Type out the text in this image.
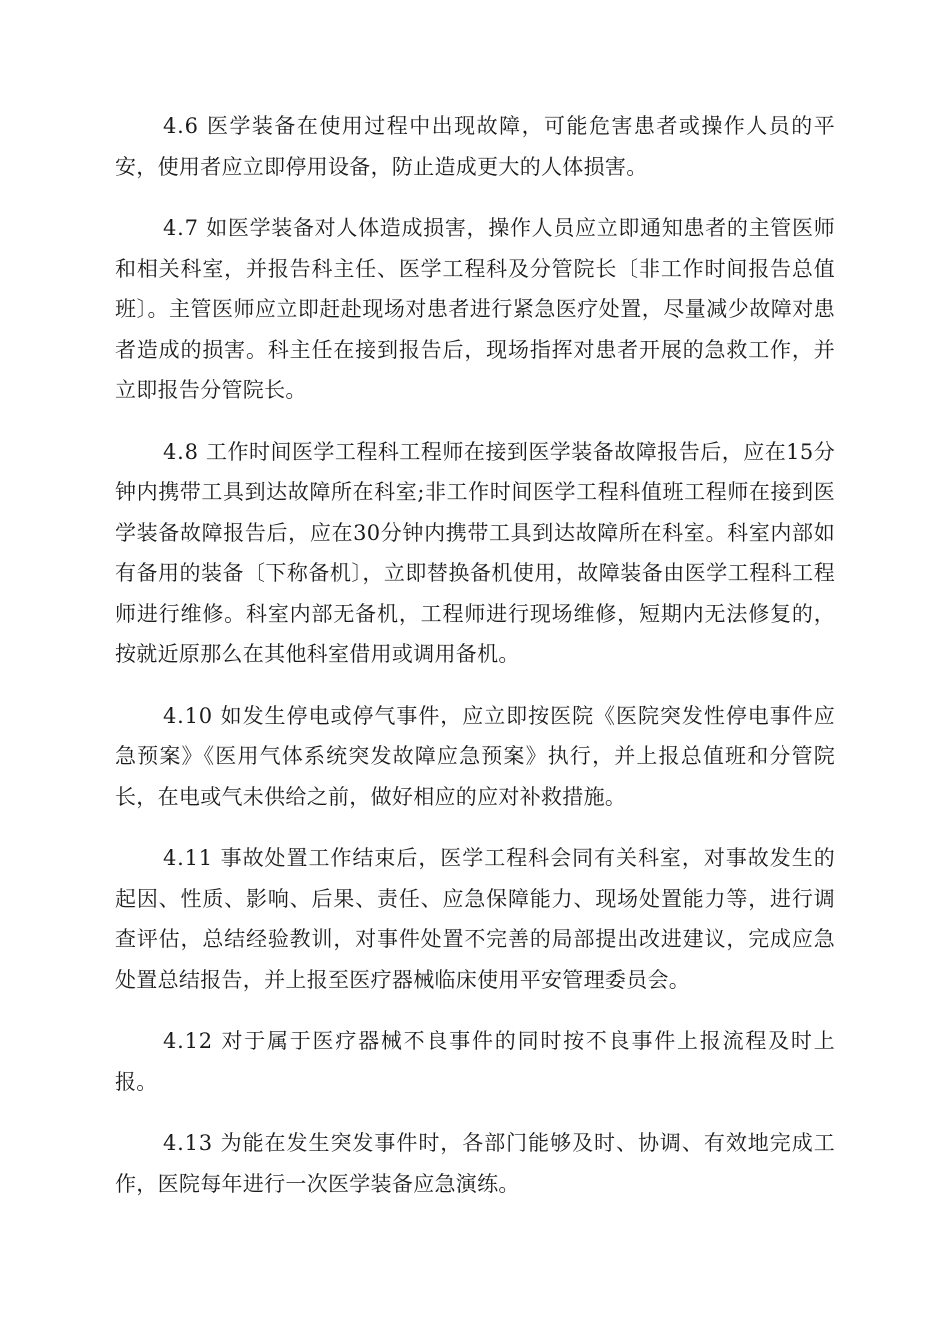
4.6 医学装备在使用过程中出现故障，可能危害患者或操作人员的平安，使用者应立即停用设备，防止造成更大的人体损害。

4.7 如医学装备对人体造成损害，操作人员应立即通知患者的主管医师和相关科室，并报告科主任、医学工程科及分管院长〔非工作时间报告总值班〕。主管医师应立即赶赴现场对患者进行紧急医疗处置，尽量减少故障对患者造成的损害。科主任在接到报告后，现场指挥对患者开展的急救工作，并立即报告分管院长。

4.8 工作时间医学工程科工程师在接到医学装备故障报告后，应在15分钟内携带工具到达故障所在科室;非工作时间医学工程科值班工程师在接到医学装备故障报告后，应在30分钟内携带工具到达故障所在科室。科室内部如有备用的装备〔下称备机〕，立即替换备机使用，故障装备由医学工程科工程师进行维修。科室内部无备机，工程师进行现场维修，短期内无法修复的，按就近原那么在其他科室借用或调用备机。

4.10 如发生停电或停气事件，应立即按医院《医院突发性停电事件应急预案》《医用气体系统突发故障应急预案》执行，并上报总值班和分管院长，在电或气未供给之前，做好相应的应对补救措施。

4.11 事故处置工作结束后，医学工程科会同有关科室，对事故发生的起因、性质、影响、后果、责任、应急保障能力、现场处置能力等，进行调查评估，总结经验教训，对事件处置不完善的局部提出改进建议，完成应急处置总结报告，并上报至医疗器械临床使用平安管理委员会。

4.12 对于属于医疗器械不良事件的同时按不良事件上报流程及时上报。

4.13 为能在发生突发事件时，各部门能够及时、协调、有效地完成工作，医院每年进行一次医学装备应急演练。
